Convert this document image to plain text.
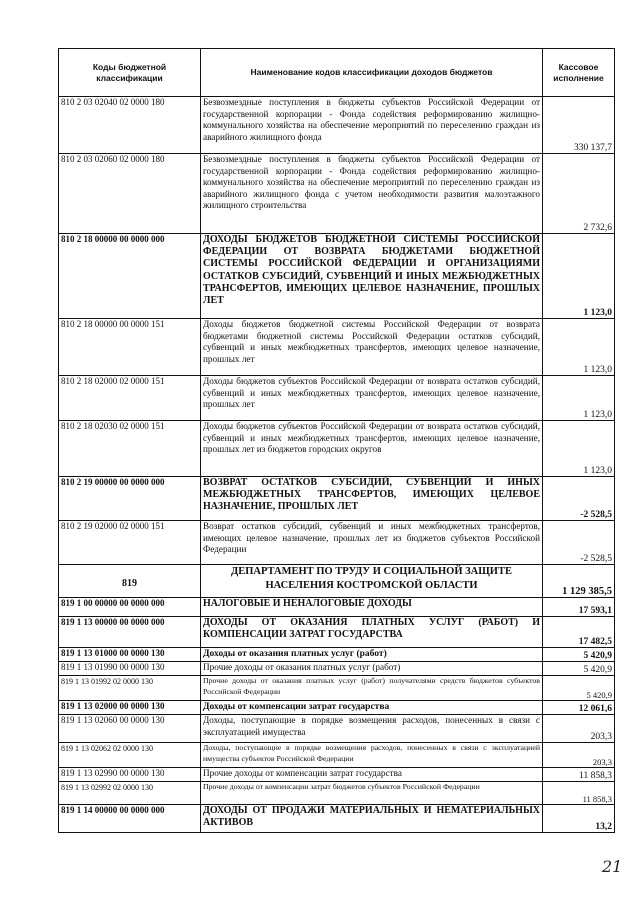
Коды бюджетной классификации	Наименование кодов классификации доходов бюджетов	Кассовое исполнение
810 2 03 02040 02 0000 180	Безвозмездные поступления в бюджеты субъектов Российской Федерации от государственной корпорации - Фонда содействия реформированию жилищно-коммунального хозяйства на обеспечение мероприятий по переселению граждан из аварийного жилищного фонда	330 137,7
810 2 03 02060 02 0000 180	Безвозмездные поступления в бюджеты субъектов Российской Федерации от государственной корпорации - Фонда содействия реформированию жилищно-коммунального хозяйства на обеспечение мероприятий по переселению граждан из аварийного жилищного фонда с учетом необходимости развития малоэтажного жилищного строительства	2 732,6
810 2 18 00000 00 0000 000	ДОХОДЫ БЮДЖЕТОВ БЮДЖЕТНОЙ СИСТЕМЫ РОССИЙСКОЙ ФЕДЕРАЦИИ ОТ ВОЗВРАТА БЮДЖЕТАМИ БЮДЖЕТНОЙ СИСТЕМЫ РОССИЙСКОЙ ФЕДЕРАЦИИ И ОРГАНИЗАЦИЯМИ ОСТАТКОВ СУБСИДИЙ, СУБВЕНЦИЙ И ИНЫХ МЕЖБЮДЖЕТНЫХ ТРАНСФЕРТОВ, ИМЕЮЩИХ ЦЕЛЕВОЕ НАЗНАЧЕНИЕ, ПРОШЛЫХ ЛЕТ	1 123,0
810 2 18 00000 00 0000 151	Доходы бюджетов бюджетной системы Российской Федерации от возврата бюджетами бюджетной системы Российской Федерации остатков субсидий, субвенций и иных межбюджетных трансфертов, имеющих целевое назначение, прошлых лет	1 123,0
810 2 18 02000 02 0000 151	Доходы бюджетов субъектов Российской Федерации от возврата остатков субсидий, субвенций и иных межбюджетных трансфертов, имеющих целевое назначение, прошлых лет	1 123,0
810 2 18 02030 02 0000 151	Доходы бюджетов субъектов Российской Федерации от возврата остатков субсидий, субвенций и иных межбюджетных трансфертов, имеющих целевое назначение, прошлых лет из бюджетов городских округов	1 123,0
810 2 19 00000 00 0000 000	ВОЗВРАТ ОСТАТКОВ СУБСИДИЙ, СУБВЕНЦИЙ И ИНЫХ МЕЖБЮДЖЕТНЫХ ТРАНСФЕРТОВ, ИМЕЮЩИХ ЦЕЛЕВОЕ НАЗНАЧЕНИЕ, ПРОШЛЫХ ЛЕТ	-2 528,5
810 2 19 02000 02 0000 151	Возврат остатков субсидий, субвенций и иных межбюджетных трансфертов, имеющих целевое назначение, прошлых лет из бюджетов субъектов Российской Федерации	-2 528,5
819	ДЕПАРТАМЕНТ ПО ТРУДУ И СОЦИАЛЬНОЙ ЗАЩИТЕ НАСЕЛЕНИЯ КОСТРОМСКОЙ ОБЛАСТИ	1 129 385,5
819 1 00 00000 00 0000 000	НАЛОГОВЫЕ И НЕНАЛОГОВЫЕ ДОХОДЫ	17 593,1
819 1 13 00000 00 0000 000	ДОХОДЫ ОТ ОКАЗАНИЯ ПЛАТНЫХ УСЛУГ (РАБОТ) И КОМПЕНСАЦИИ ЗАТРАТ ГОСУДАРСТВА	17 482,5
819 1 13 01000 00 0000 130	Доходы от оказания платных услуг (работ)	5 420,9
819 1 13 01990 00 0000 130	Прочие доходы от оказания платных услуг (работ)	5 420,9
819 1 13 01992 02 0000 130	Прочие доходы от оказания платных услуг (работ) получателями средств бюджетов субъектов Российской Федерации	5 420,9
819 1 13 02000 00 0000 130	Доходы от компенсации затрат государства	12 061,6
819 1 13 02060 00 0000 130	Доходы, поступающие в порядке возмещения расходов, понесенных в связи с эксплуатацией имущества	203,3
819 1 13 02062 02 0000 130	Доходы, поступающие в порядке возмещения расходов, понесенных в связи с эксплуатацией имущества субъектов Российской Федерации	203,3
819 1 13 02990 00 0000 130	Прочие доходы от компенсации затрат государства	11 858,3
819 1 13 02992 02 0000 130	Прочие доходы от компенсации затрат бюджетов субъектов Российской Федерации	11 858,3
819 1 14 00000 00 0000 000	ДОХОДЫ ОТ ПРОДАЖИ МАТЕРИАЛЬНЫХ И НЕМАТЕРИАЛЬНЫХ АКТИВОВ	13,2
21
